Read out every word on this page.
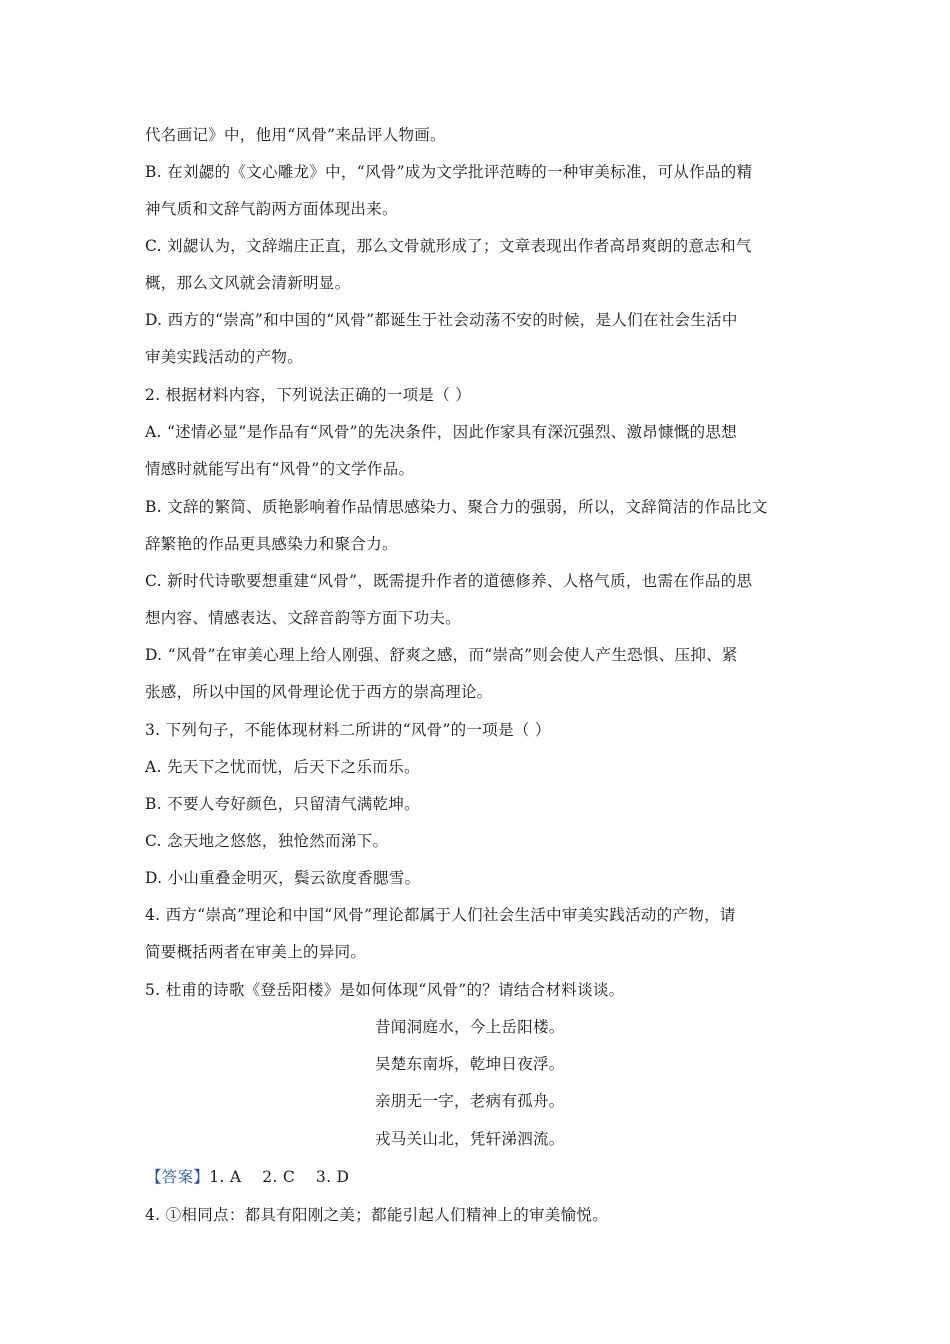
代名画记》中，他用“风骨”来品评人物画。
B. 在刘勰的《文心雕龙》中，“风骨”成为文学批评范畴的一种审美标准，可从作品的精
神气质和文辞气韵两方面体现出来。
C. 刘勰认为，文辞端庄正直，那么文骨就形成了；文章表现出作者高昂爽朗的意志和气
概，那么文风就会清新明显。
D. 西方的“崇高”和中国的“风骨”都诞生于社会动荡不安的时候，是人们在社会生活中
审美实践活动的产物。
2. 根据材料内容，下列说法正确的一项是（ ）
A. “述情必显”是作品有“风骨”的先决条件，因此作家具有深沉强烈、激昂慷慨的思想
情感时就能写出有“风骨”的文学作品。
B. 文辞的繁简、质艳影响着作品情思感染力、聚合力的强弱，所以，文辞简洁的作品比文
辞繁艳的作品更具感染力和聚合力。
C. 新时代诗歌要想重建“风骨”，既需提升作者的道德修养、人格气质，也需在作品的思
想内容、情感表达、文辞音韵等方面下功夫。
D. “风骨”在审美心理上给人刚强、舒爽之感，而“崇高”则会使人产生恐惧、压抑、紧
张感，所以中国的风骨理论优于西方的崇高理论。
3. 下列句子，不能体现材料二所讲的“风骨”的一项是（ ）
A. 先天下之忧而忧，后天下之乐而乐。
B. 不要人夸好颜色，只留清气满乾坤。
C. 念天地之悠悠，独怆然而涕下。
D. 小山重叠金明灭，鬓云欲度香腮雪。
4. 西方“崇高”理论和中国“风骨”理论都属于人们社会生活中审美实践活动的产物，请
简要概括两者在审美上的异同。
5. 杜甫的诗歌《登岳阳楼》是如何体现“风骨”的？请结合材料谈谈。
昔闻洞庭水，今上岳阳楼。
吴楚东南坼，乾坤日夜浮。
亲朋无一字，老病有孤舟。
戎马关山北，凭轩涕泗流。
【答案】1. A    2. C    3. D
4. ①相同点：都具有阳刚之美；都能引起人们精神上的审美愉悦。
